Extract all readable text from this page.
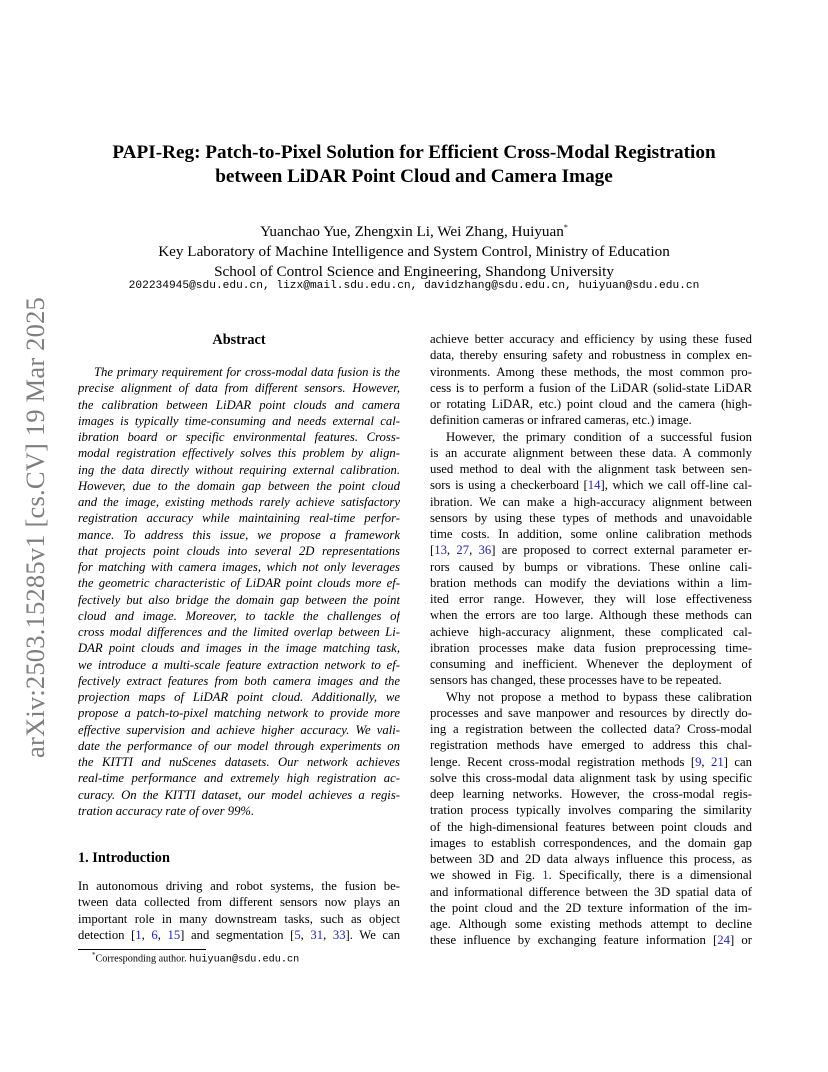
arXiv:2503.15285v1 [cs.CV] 19 Mar 2025
PAPI-Reg: Patch-to-Pixel Solution for Efficient Cross-Modal Registration
between LiDAR Point Cloud and Camera Image
Yuanchao Yue, Zhengxin Li, Wei Zhang, Huiyuan*
Key Laboratory of Machine Intelligence and System Control, Ministry of Education
School of Control Science and Engineering, Shandong University
202234945@sdu.edu.cn, lizx@mail.sdu.edu.cn, davidzhang@sdu.edu.cn, huiyuan@sdu.edu.cn
Abstract
The primary requirement for cross-modal data fusion is the
precise alignment of data from different sensors. However,
the calibration between LiDAR point clouds and camera
images is typically time-consuming and needs external cal-
ibration board or specific environmental features. Cross-
modal registration effectively solves this problem by align-
ing the data directly without requiring external calibration.
However, due to the domain gap between the point cloud
and the image, existing methods rarely achieve satisfactory
registration accuracy while maintaining real-time perfor-
mance. To address this issue, we propose a framework
that projects point clouds into several 2D representations
for matching with camera images, which not only leverages
the geometric characteristic of LiDAR point clouds more ef-
fectively but also bridge the domain gap between the point
cloud and image. Moreover, to tackle the challenges of
cross modal differences and the limited overlap between Li-
DAR point clouds and images in the image matching task,
we introduce a multi-scale feature extraction network to ef-
fectively extract features from both camera images and the
projection maps of LiDAR point cloud. Additionally, we
propose a patch-to-pixel matching network to provide more
effective supervision and achieve higher accuracy. We vali-
date the performance of our model through experiments on
the KITTI and nuScenes datasets. Our network achieves
real-time performance and extremely high registration ac-
curacy. On the KITTI dataset, our model achieves a regis-
tration accuracy rate of over 99%.
1. Introduction
In autonomous driving and robot systems, the fusion be-
tween data collected from different sensors now plays an
important role in many downstream tasks, such as object
detection [1, 6, 15] and segmentation [5, 31, 33]. We can
*Corresponding author. huiyuan@sdu.edu.cn
achieve better accuracy and efficiency by using these fused
data, thereby ensuring safety and robustness in complex en-
vironments. Among these methods, the most common pro-
cess is to perform a fusion of the LiDAR (solid-state LiDAR
or rotating LiDAR, etc.) point cloud and the camera (high-
definition cameras or infrared cameras, etc.) image.
However, the primary condition of a successful fusion
is an accurate alignment between these data. A commonly
used method to deal with the alignment task between sen-
sors is using a checkerboard [14], which we call off-line cal-
ibration. We can make a high-accuracy alignment between
sensors by using these types of methods and unavoidable
time costs. In addition, some online calibration methods
[13, 27, 36] are proposed to correct external parameter er-
rors caused by bumps or vibrations. These online cali-
bration methods can modify the deviations within a lim-
ited error range. However, they will lose effectiveness
when the errors are too large. Although these methods can
achieve high-accuracy alignment, these complicated cal-
ibration processes make data fusion preprocessing time-
consuming and inefficient. Whenever the deployment of
sensors has changed, these processes have to be repeated.
Why not propose a method to bypass these calibration
processes and save manpower and resources by directly do-
ing a registration between the collected data? Cross-modal
registration methods have emerged to address this chal-
lenge. Recent cross-modal registration methods [9, 21] can
solve this cross-modal data alignment task by using specific
deep learning networks. However, the cross-modal regis-
tration process typically involves comparing the similarity
of the high-dimensional features between point clouds and
images to establish correspondences, and the domain gap
between 3D and 2D data always influence this process, as
we showed in Fig. 1. Specifically, there is a dimensional
and informational difference between the 3D spatial data of
the point cloud and the 2D texture information of the im-
age. Although some existing methods attempt to decline
these influence by exchanging feature information [24] or
